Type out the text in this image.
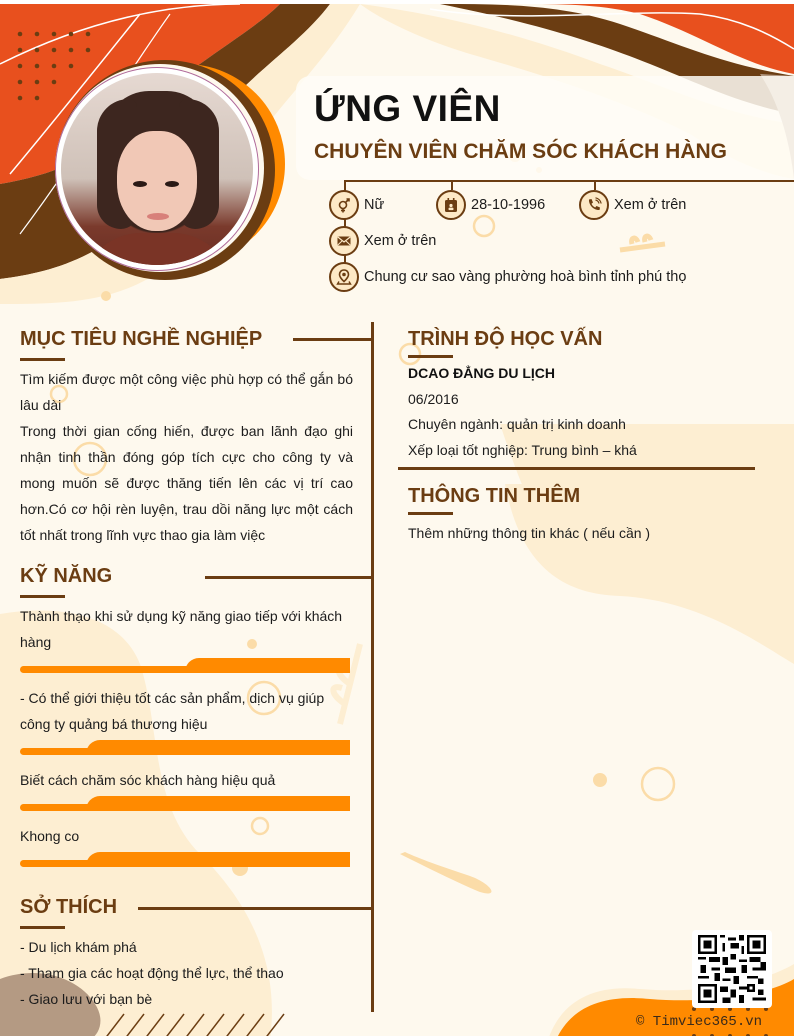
ỨNG VIÊN
CHUYÊN VIÊN CHĂM SÓC KHÁCH HÀNG
Nữ	28-10-1996	Xem ở trên
Xem ở trên
Chung cư sao vàng phường hoà bình tỉnh phú thọ
MỤC TIÊU NGHỀ NGHIỆP

Tìm kiếm được một công việc phù hợp có thể gắn bó lâu dài

Trong thời gian cống hiến, được ban lãnh đạo ghi nhận tinh thần đóng góp tích cực cho công ty và mong muốn sẽ được thăng tiến lên các vị trí cao hơn.Có cơ hội rèn luyện, trau dồi năng lực một cách tốt nhất trong lĩnh vực thao gia làm việc

KỸ NĂNG
Thành thạo khi sử dụng kỹ năng giao tiếp với khách hàng
- Có thể giới thiệu tốt các sản phẩm, dịch vụ giúp công ty quảng bá thương hiệu
Biết cách chăm sóc khách hàng hiệu quả
Khong co
SỞ THÍCH
- Du lịch khám phá
- Tham gia các hoạt động thể lực, thể thao
- Giao lưu với bạn bè
TRÌNH ĐỘ HỌC VẤN
DCAO ĐẲNG DU LỊCH
06/2016
Chuyên ngành: quản trị kinh doanh
Xếp loại tốt nghiệp: Trung bình – khá
THÔNG TIN THÊM
Thêm những thông tin khác ( nếu cần )
© Timviec365.vn
